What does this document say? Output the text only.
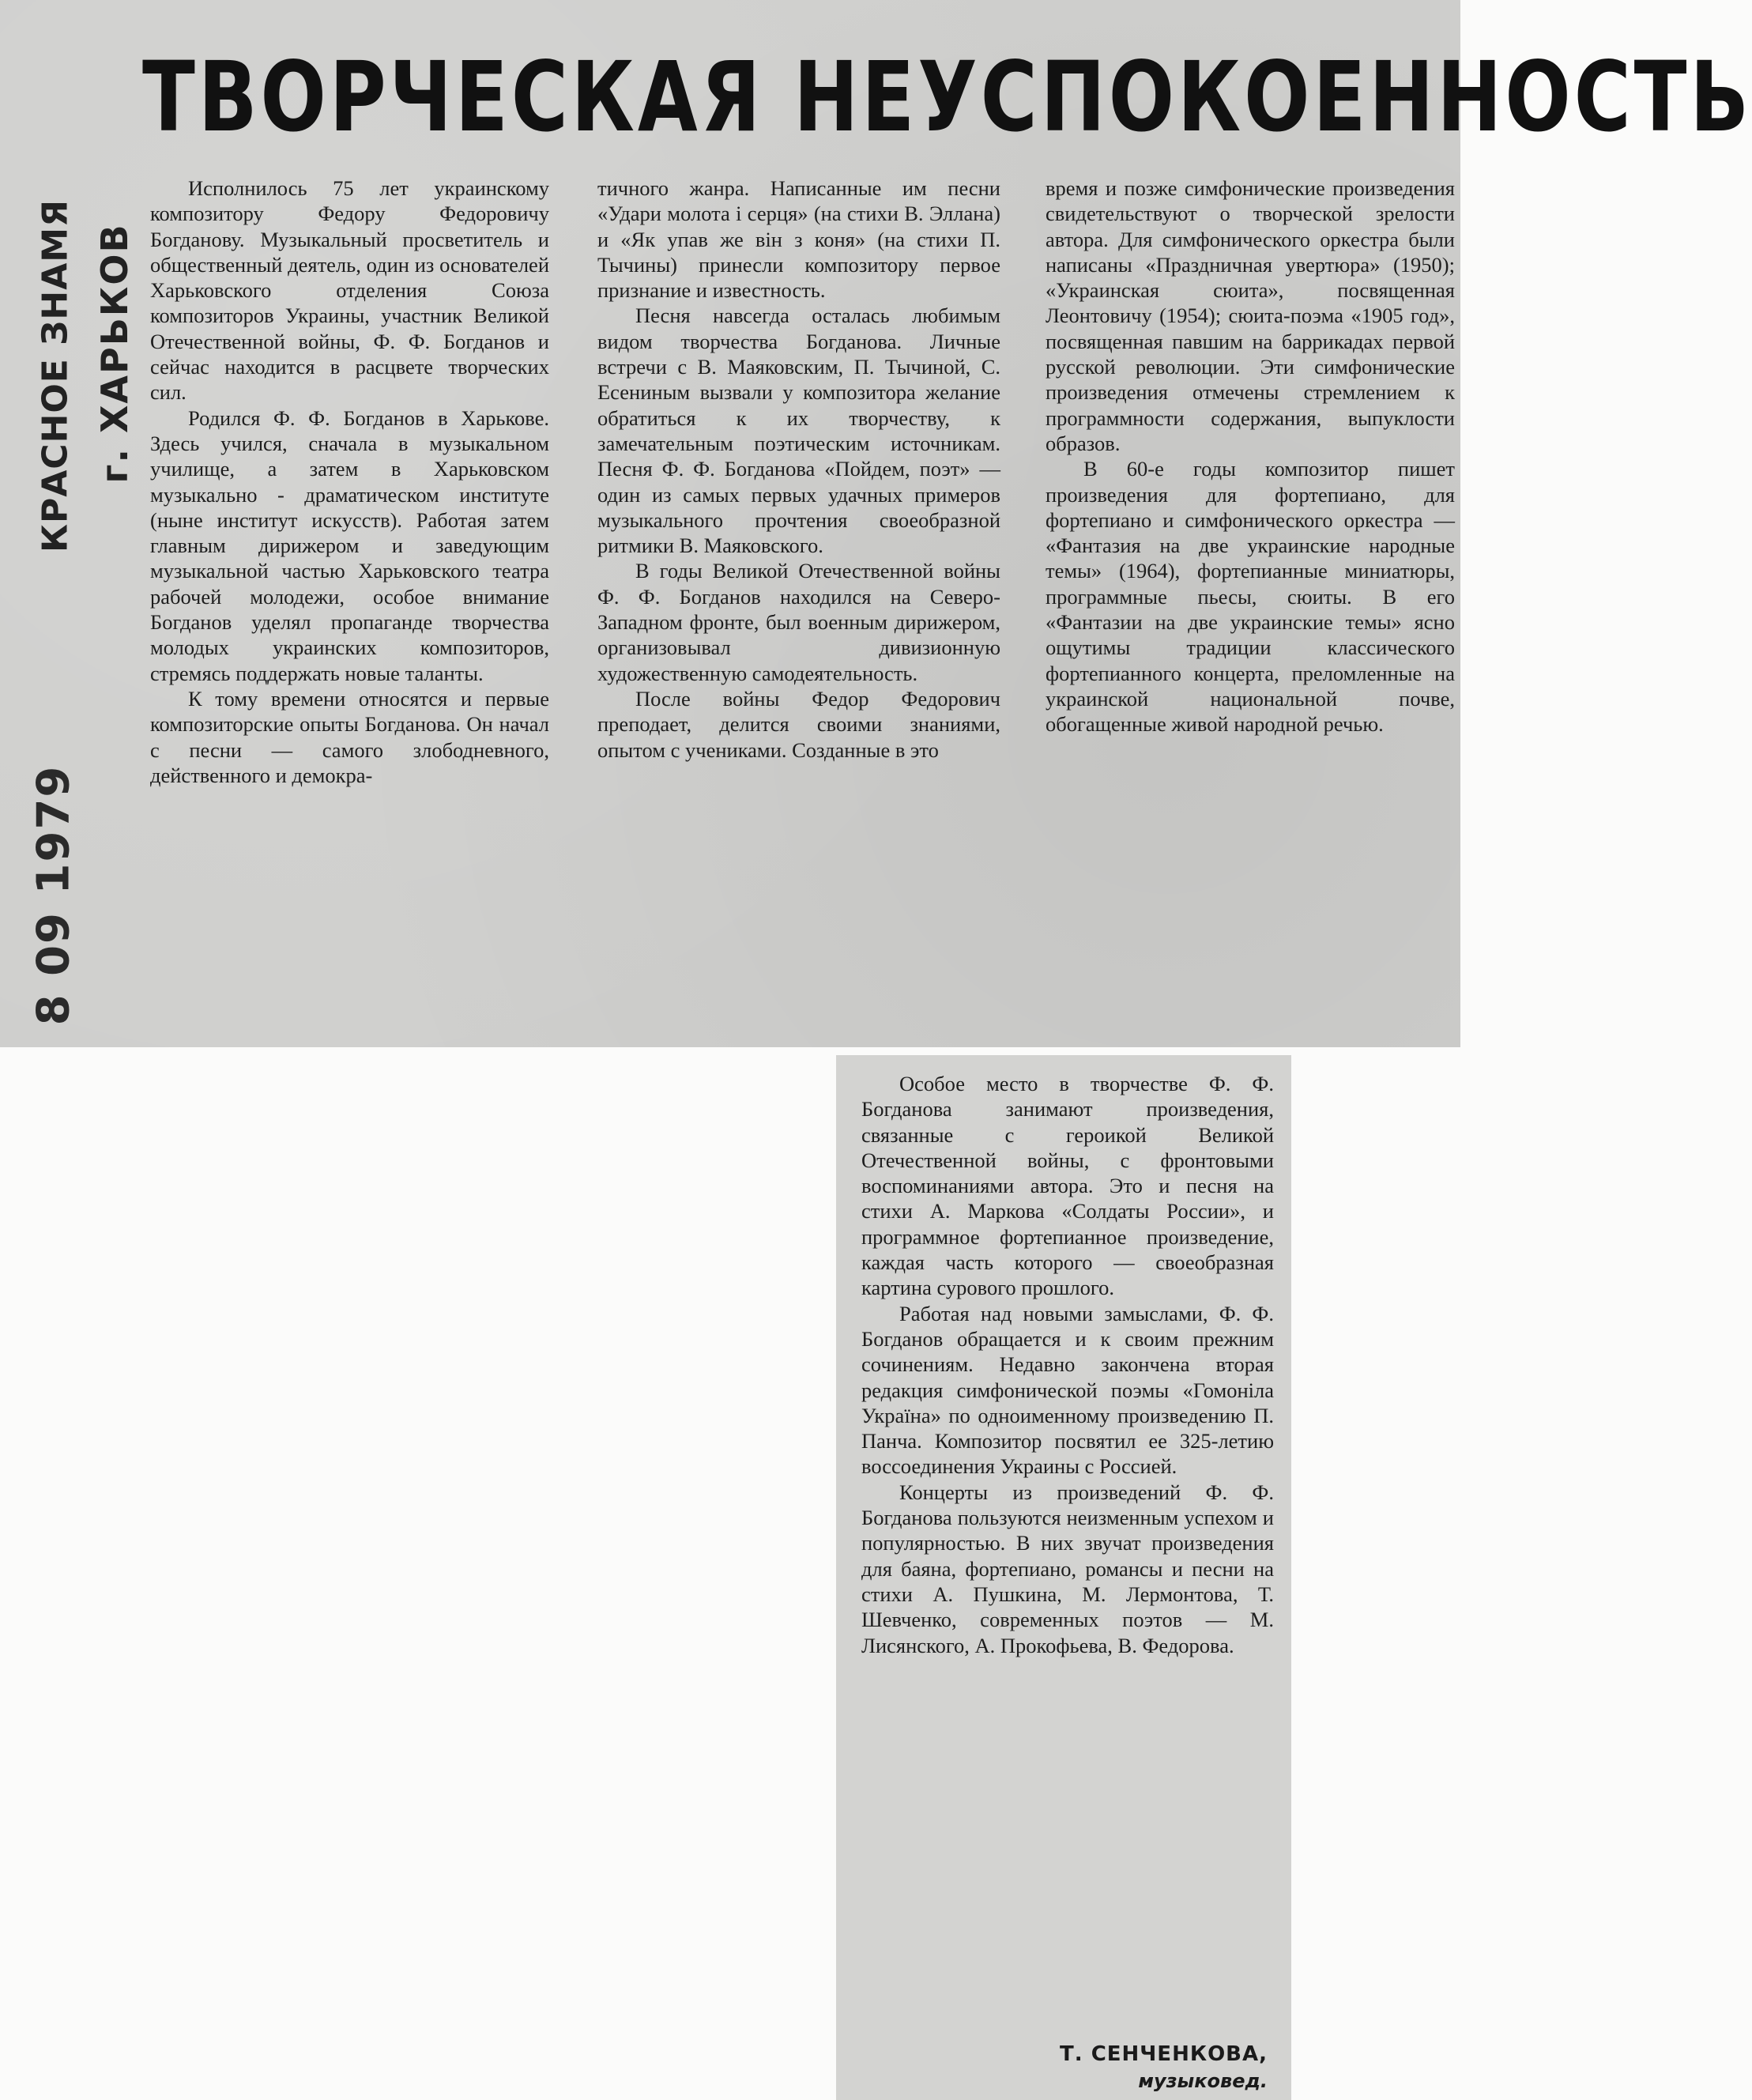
КРАСНОЕ ЗНАМЯ г. ХАРЬКОВ
8 09 1979
ТВОРЧЕСКАЯ НЕУСПОКОЕННОСТЬ

Исполнилось 75 лет украинскому композитору Федору Федоровичу Богданову. Музыкальный просветитель и общественный деятель, один из основателей Харьковского отделения Союза композиторов Украины, участник Великой Отечественной войны, Ф. Ф. Богданов и сейчас находится в расцвете творческих сил.

Родился Ф. Ф. Богданов в Харькове. Здесь учился, сначала в музыкальном училище, а затем в Харьковском музыкально - драматическом институте (ныне институт искусств). Работая затем главным дирижером и заведующим музыкальной частью Харьковского театра рабочей молодежи, особое внимание Богданов уделял пропаганде творчества молодых украинских композиторов, стремясь поддержать новые таланты.

К тому времени относятся и первые композиторские опыты Богданова. Он начал с песни — самого злободневного, действенного и демокра-

тичного жанра. Написанные им песни «Удари молота і серця» (на стихи В. Эллана) и «Як упав же він з коня» (на стихи П. Тычины) принесли композитору первое признание и известность.

Песня навсегда осталась любимым видом творчества Богданова. Личные встречи с В. Маяковским, П. Тычиной, С. Есениным вызвали у композитора желание обратиться к их творчеству, к замечательным поэтическим источникам. Песня Ф. Ф. Богданова «Пойдем, поэт» — один из самых первых удачных примеров музыкального прочтения своеобразной ритмики В. Маяковского.

В годы Великой Отечественной войны Ф. Ф. Богданов находился на Северо-Западном фронте, был военным дирижером, организовывал дивизионную художественную самодеятельность.

После войны Федор Федорович преподает, делится своими знаниями, опытом с учениками. Созданные в это

время и позже симфонические произведения свидетельствуют о творческой зрелости автора. Для симфонического оркестра были написаны «Праздничная увертюра» (1950); «Украинская сюита», посвященная Леонтовичу (1954); сюита-поэма «1905 год», посвященная павшим на баррикадах первой русской революции. Эти симфонические произведения отмечены стремлением к программности содержания, выпуклости образов.

В 60-е годы композитор пишет произведения для фортепиано, для фортепиано и симфонического оркестра — «Фантазия на две украинские народные темы» (1964), фортепианные миниатюры, программные пьесы, сюиты. В его «Фантазии на две украинские темы» ясно ощутимы традиции классического фортепианного концерта, преломленные на украинской национальной почве, обогащенные живой народной речью.

Особое место в творчестве Ф. Ф. Богданова занимают произведения, связанные с героикой Великой Отечественной войны, с фронтовыми воспоминаниями автора. Это и песня на стихи А. Маркова «Солдаты России», и программное фортепианное произведение, каждая часть которого — своеобразная картина сурового прошлого.

Работая над новыми замыслами, Ф. Ф. Богданов обращается и к своим прежним сочинениям. Недавно закончена вторая редакция симфонической поэмы «Гомоніла Україна» по одноименному произведению П. Панча. Композитор посвятил ее 325-летию воссоединения Украины с Россией.

Концерты из произведений Ф. Ф. Богданова пользуются неизменным успехом и популярностью. В них звучат произведения для баяна, фортепиано, романсы и песни на стихи А. Пушкина, М. Лермонтова, Т. Шевченко, современных поэтов — М. Лисянского, А. Прокофьева, В. Федорова.

Т. СЕНЧЕНКОВА,
музыковед.
